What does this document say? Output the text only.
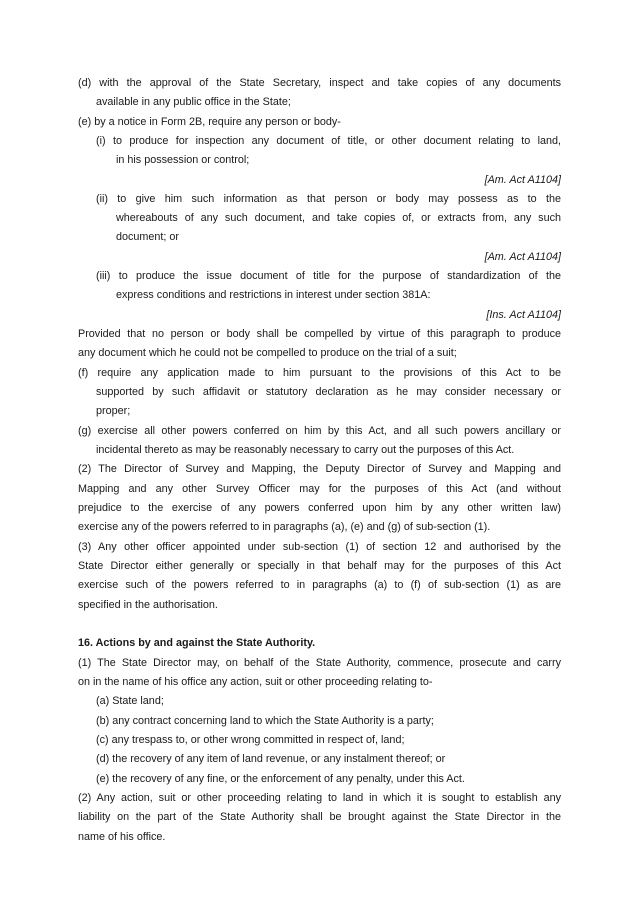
(d) with the approval of the State Secretary, inspect and take copies of any documents
available in any public office in the State;
(e) by a notice in Form 2B, require any person or body-
(i) to produce for inspection any document of title, or other document relating to land,
in his possession or control;
[Am. Act A1104]
(ii) to give him such information as that person or body may possess as to the
whereabouts of any such document, and take copies of, or extracts from, any such
document; or
[Am. Act A1104]
(iii) to produce the issue document of title for the purpose of standardization of the
express conditions and restrictions in interest under section 381A:
[Ins. Act A1104]
Provided that no person or body shall be compelled by virtue of this paragraph to produce
any document which he could not be compelled to produce on the trial of a suit;
(f) require any application made to him pursuant to the provisions of this Act to be
supported by such affidavit or statutory declaration as he may consider necessary or
proper;
(g) exercise all other powers conferred on him by this Act, and all such powers ancillary or
incidental thereto as may be reasonably necessary to carry out the purposes of this Act.
(2) The Director of Survey and Mapping, the Deputy Director of Survey and Mapping and
Mapping and any other Survey Officer may for the purposes of this Act (and without
prejudice to the exercise of any powers conferred upon him by any other written law)
exercise any of the powers referred to in paragraphs (a), (e) and (g) of sub-section (1).
(3) Any other officer appointed under sub-section (1) of section 12 and authorised by the
State Director either generally or specially in that behalf may for the purposes of this Act
exercise such of the powers referred to in paragraphs (a) to (f) of sub-section (1) as are
specified in the authorisation.
16. Actions by and against the State Authority.
(1) The State Director may, on behalf of the State Authority, commence, prosecute and carry
on in the name of his office any action, suit or other proceeding relating to-
(a) State land;
(b) any contract concerning land to which the State Authority is a party;
(c) any trespass to, or other wrong committed in respect of, land;
(d) the recovery of any item of land revenue, or any instalment thereof; or
(e) the recovery of any fine, or the enforcement of any penalty, under this Act.
(2) Any action, suit or other proceeding relating to land in which it is sought to establish any
liability on the part of the State Authority shall be brought against the State Director in the
name of his office.
